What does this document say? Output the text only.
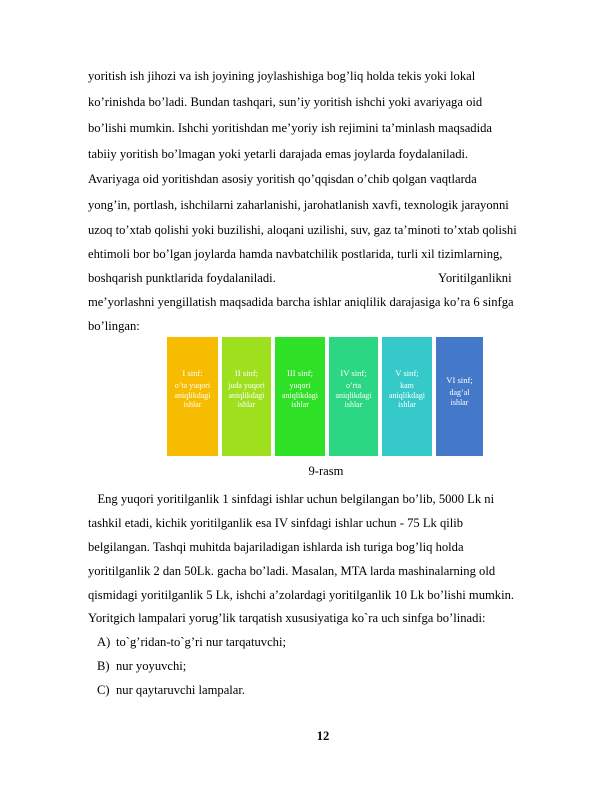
yoritish ish jihozi va ish joyining joylashishiga bog’liq holda tekis yoki lokal
ko’rinishda bo’ladi. Bundan tashqari, sun’iy yoritish ishchi yoki avariyaga oid
bo’lishi mumkin. Ishchi yoritishdan me’yoriy ish rejimini ta’minlash maqsadida
tabiiy yoritish bo’lmagan yoki yetarli darajada emas joylarda foydalaniladi.
Avariyaga oid yoritishdan asosiy yoritish qo’qqisdan o’chib qolgan vaqtlarda
yong’in, portlash, ishchilarni zaharlanishi, jarohatlanish xavfi, texnologik jarayonni
uzoq to’xtab qolishi yoki buzilishi, aloqani uzilishi, suv, gaz ta’minoti to’xtab qolishi
ehtimoli bor bo’lgan joylarda hamda navbatchilik postlarida, turli xil tizimlarning,
boshqarish punktlarida foydalaniladi.	Yoritilganlikni
me’yorlashni yengillatish maqsadida barcha ishlar aniqlilik darajasiga ko’ra 6 sinfga
bo’lingan:
I sinf:
o’ta yuqori
aniqlikdagi
ishlar
II sinf;
juda yuqori
aniqlikdagi
ishlar
III sinf;
yuqori
aniqlikdagi
ishlar
IV sinf;
o’rta
aniqlikdagi
ishlar
V sinf;
kam
aniqlikdagi
ishlar
VI sinf;
dag’al
ishlar
9-rasm
Eng yuqori yoritilganlik 1 sinfdagi ishlar uchun belgilangan bo’lib, 5000 Lk ni
tashkil etadi, kichik yoritilganlik esa IV sinfdagi ishlar uchun - 75 Lk qilib
belgilangan. Tashqi muhitda bajariladigan ishlarda ish turiga bog’liq holda
yoritilganlik 2 dan 50Lk. gacha bo’ladi. Masalan, MTA larda mashinalarning old
qismidagi yoritilganlik 5 Lk, ishchi a’zolardagi yoritilganlik 10 Lk bo’lishi mumkin.
Yoritgich lampalari yorug’lik tarqatish xususiyatiga ko`ra uch sinfga bo’linadi:
A) to`g’ridan-to`g’ri nur tarqatuvchi;
B) nur yoyuvchi;
C) nur qaytaruvchi lampalar.
12
